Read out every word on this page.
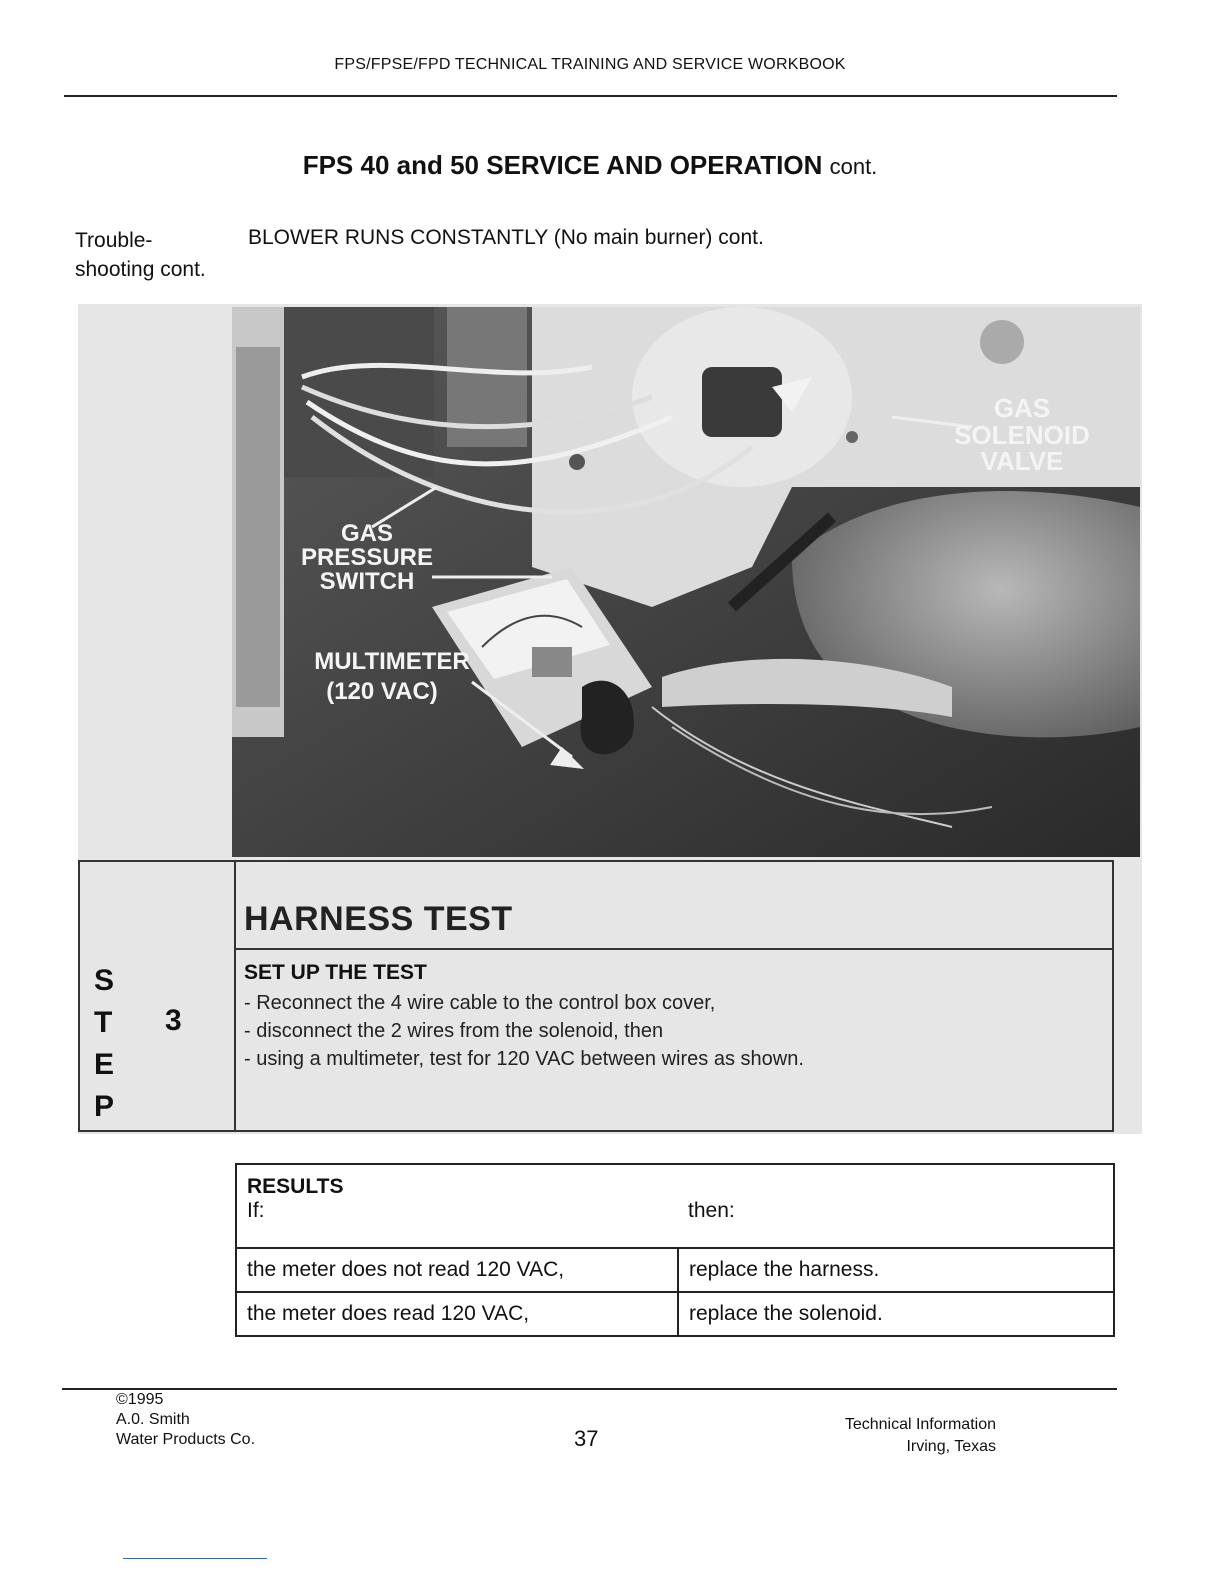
FPS/FPSE/FPD TECHNICAL TRAINING AND SERVICE WORKBOOK
FPS 40 and 50 SERVICE AND OPERATION cont.
Trouble-
shooting cont.
BLOWER RUNS CONSTANTLY (No main burner) cont.
GAS
SOLENOID
VALVE
GAS
PRESSURE
SWITCH
MULTIMETER
(120 VAC)
S
T
E
P
3
HARNESS TEST
SET UP THE TEST
- Reconnect the 4 wire cable to the control box cover,
- disconnect the 2 wires from the solenoid, then
- using a multimeter, test for 120 VAC between wires as shown.
RESULTS
If:	then:

the meter does not read 120 VAC,	replace the harness.
the meter does read 120 VAC,	replace the solenoid.
©1995
A.0. Smith
Water Products Co.	37
Technical Information
Irving, Texas
